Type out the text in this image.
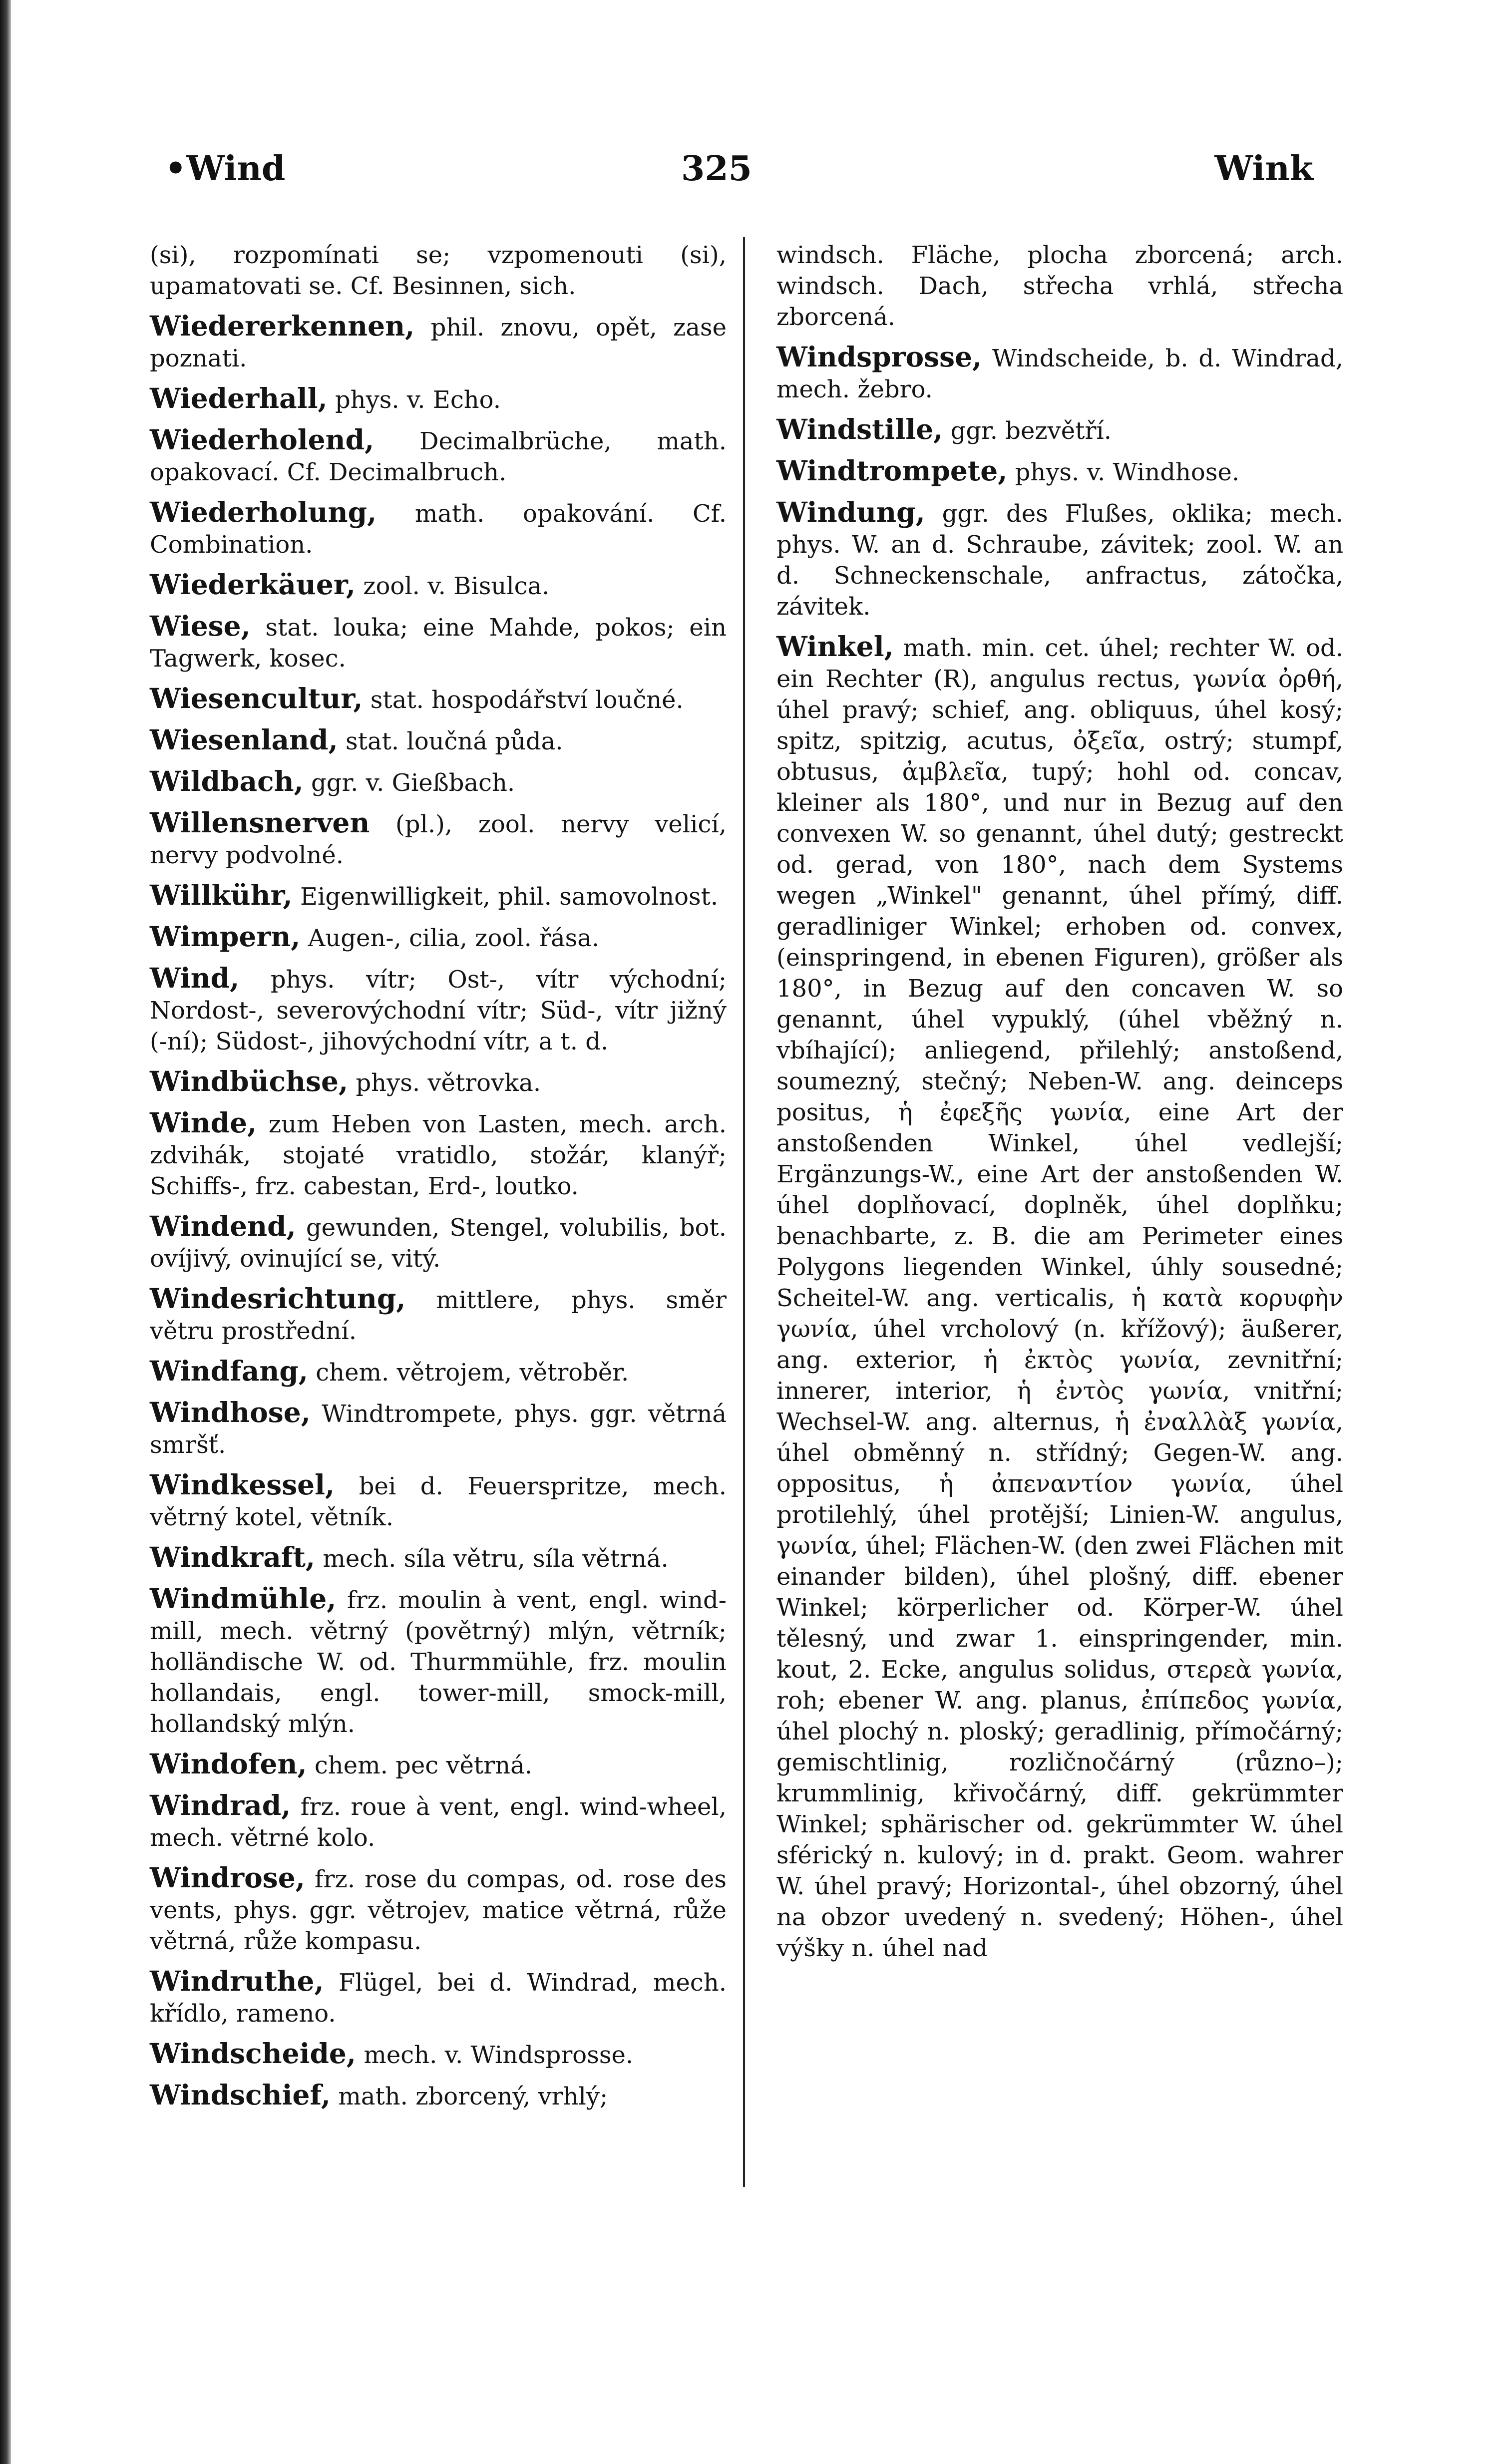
•Wind	325	Wink

(si), rozpomínati se; vzpomenouti (si), upamatovati se. Cf. Besinnen, sich.

Wiedererkennen, phil. znovu, opět, zase poznati.

Wiederhall, phys. v. Echo.

Wiederholend, Decimalbrüche, math. opakovací. Cf. Decimalbruch.

Wiederholung, math. opakování. Cf. Combination.

Wiederkäuer, zool. v. Bisulca.

Wiese, stat. louka; eine Mahde, pokos; ein Tagwerk, kosec.

Wiesencultur, stat. hospodářství loučné.

Wiesenland, stat. loučná půda.

Wildbach, ggr. v. Gießbach.

Willensnerven (pl.), zool. nervy velicí, nervy podvolné.

Willkühr, Eigenwilligkeit, phil. samovolnost.

Wimpern, Augen-, cilia, zool. řása.

Wind, phys. vítr; Ost-, vítr východní; Nordost-, severovýchodní vítr; Süd-, vítr jižný (-ní); Südost-, jihovýchodní vítr, a t. d.

Windbüchse, phys. větrovka.

Winde, zum Heben von Lasten, mech. arch. zdvihák, stojaté vratidlo, stožár, klanýř; Schiffs-, frz. cabestan, Erd-, loutko.

Windend, gewunden, Stengel, volubilis, bot. ovíjivý, ovinující se, vitý.

Windesrichtung, mittlere, phys. směr větru prostřední.

Windfang, chem. větrojem, větroběr.

Windhose, Windtrompete, phys. ggr. větrná smršť.

Windkessel, bei d. Feuerspritze, mech. větrný kotel, větník.

Windkraft, mech. síla větru, síla větrná.

Windmühle, frz. moulin à vent, engl. wind-mill, mech. větrný (povětrný) mlýn, větrník; holländische W. od. Thurmmühle, frz. moulin hollandais, engl. tower-mill, smock-mill, hollandský mlýn.

Windofen, chem. pec větrná.

Windrad, frz. roue à vent, engl. wind-wheel, mech. větrné kolo.

Windrose, frz. rose du compas, od. rose des vents, phys. ggr. větrojev, matice větrná, růže větrná, růže kompasu.

Windruthe, Flügel, bei d. Windrad, mech. křídlo, rameno.

Windscheide, mech. v. Windsprosse.

Windschief, math. zborcený, vrhlý;

windsch. Fläche, plocha zborcená; arch. windsch. Dach, střecha vrhlá, střecha zborcená.

Windsprosse, Windscheide, b. d. Windrad, mech. žebro.

Windstille, ggr. bezvětří.

Windtrompete, phys. v. Windhose.

Windung, ggr. des Flußes, oklika; mech. phys. W. an d. Schraube, závitek; zool. W. an d. Schneckenschale, anfractus, zátočka, závitek.

Winkel, math. min. cet. úhel; rechter W. od. ein Rechter (R), angulus rectus, γωνία ὀρθή, úhel pravý; schief, ang. obliquus, úhel kosý; spitz, spitzig, acutus, ὀξεῖα, ostrý; stumpf, obtusus, ἀμβλεῖα, tupý; hohl od. concav, kleiner als 180°, und nur in Bezug auf den convexen W. so genannt, úhel dutý; gestreckt od. gerad, von 180°, nach dem Systems wegen „Winkel" genannt, úhel přímý, diff. geradliniger Winkel; erhoben od. convex, (einspringend, in ebenen Figuren), größer als 180°, in Bezug auf den concaven W. so genannt, úhel vypuklý, (úhel vběžný n. vbíhající); anliegend, přilehlý; anstoßend, soumezný, stečný; Neben-W. ang. deinceps positus, ἡ ἐφεξῆς γωνία, eine Art der anstoßenden Winkel, úhel vedlejší; Ergänzungs-W., eine Art der anstoßenden W. úhel doplňovací, doplněk, úhel doplňku; benachbarte, z. B. die am Perimeter eines Polygons liegenden Winkel, úhly sousedné; Scheitel-W. ang. verticalis, ἡ κατὰ κορυφὴν γωνία, úhel vrcholový (n. křížový); äußerer, ang. exterior, ἡ ἐκτὸς γωνία, zevnitřní; innerer, interior, ἡ ἐντὸς γωνία, vnitřní; Wechsel-W. ang. alternus, ἡ ἐναλλὰξ γωνία, úhel obměnný n. střídný; Gegen-W. ang. oppositus, ἡ ἀπεναντίον γωνία, úhel protilehlý, úhel protější; Linien-W. angulus, γωνία, úhel; Flächen-W. (den zwei Flächen mit einander bilden), úhel plošný, diff. ebener Winkel; körperlicher od. Körper-W. úhel tělesný, und zwar 1. einspringender, min. kout, 2. Ecke, angulus solidus, στερεὰ γωνία, roh; ebener W. ang. planus, ἐπίπεδος γωνία, úhel plochý n. ploský; geradlinig, přímočárný; gemischtlinig, rozličnočárný (různo–); krummlinig, křivočárný, diff. gekrümmter Winkel; sphärischer od. gekrümmter W. úhel sférický n. kulový; in d. prakt. Geom. wahrer W. úhel pravý; Horizontal-, úhel obzorný, úhel na obzor uvedený n. svedený; Höhen-, úhel výšky n. úhel nad
